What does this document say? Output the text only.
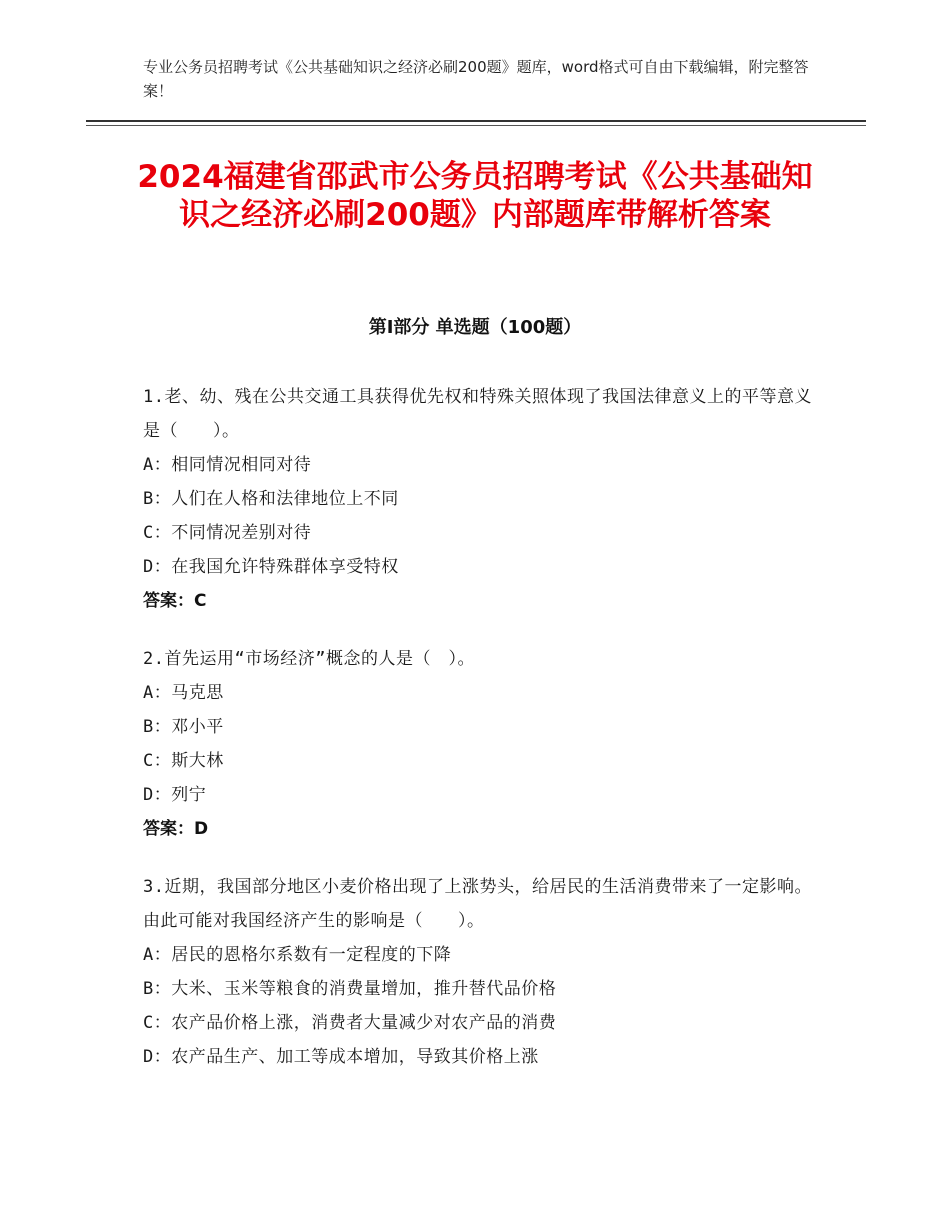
专业公务员招聘考试《公共基础知识之经济必刷200题》题库，word格式可自由下载编辑，附完整答案！
2024福建省邵武市公务员招聘考试《公共基础知识之经济必刷200题》内部题库带解析答案
第Ⅰ部分 单选题（100题）
1.老、幼、残在公共交通工具获得优先权和特殊关照体现了我国法律意义上的平等意义是（　　）。
A：相同情况相同对待
B：人们在人格和法律地位上不同
C：不同情况差别对待
D：在我国允许特殊群体享受特权
答案：C
2.首先运用“市场经济”概念的人是（　）。
A：马克思
B：邓小平
C：斯大林
D：列宁
答案：D
3.近期，我国部分地区小麦价格出现了上涨势头，给居民的生活消费带来了一定影响。由此可能对我国经济产生的影响是（　　）。
A：居民的恩格尔系数有一定程度的下降
B：大米、玉米等粮食的消费量增加，推升替代品价格
C：农产品价格上涨，消费者大量减少对农产品的消费
D：农产品生产、加工等成本增加，导致其价格上涨
